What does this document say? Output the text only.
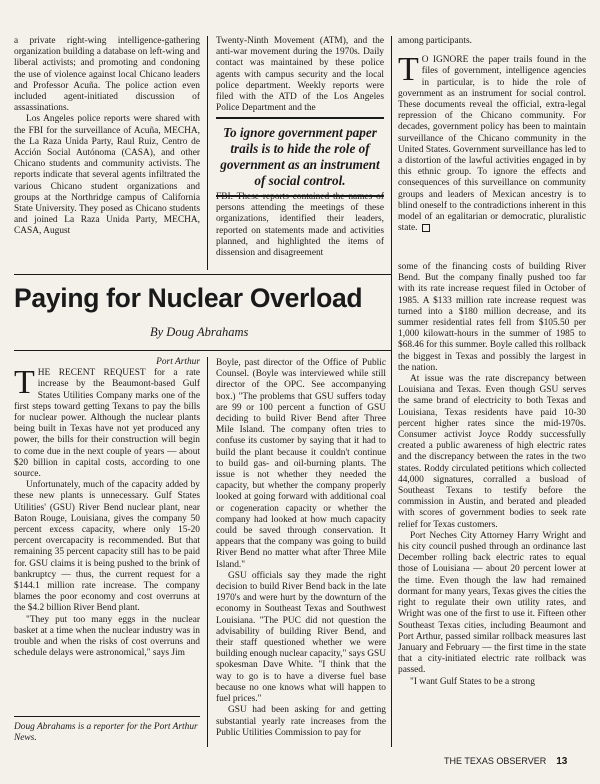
a private right-wing intelligence-gathering organization building a database on left-wing and liberal activists; and promoting and condoning the use of violence against local Chicano leaders and Professor Acuña. The police action even included agent-initiated discussion of assassinations.

Los Angeles police reports were shared with the FBI for the surveillance of Acuña, MECHA, the La Raza Unida Party, Raul Ruiz, Centro de Acción Social Autónoma (CASA), and other Chicano students and community activists. The reports indicate that several agents infiltrated the various Chicano student organizations and groups at the Northridge campus of California State University. They posed as Chicano students and joined La Raza Unida Party, MECHA, CASA, August

Twenty-Ninth Movement (ATM), and the anti-war movement during the 1970s. Daily contact was maintained by these police agents with campus security and the local police department. Weekly reports were filed with the ATD of the Los Angeles Police Department and the

To ignore government paper trails is to hide the role of government as an instrument of social control.

FBI. These reports contained the names of persons attending the meetings of these organizations, identified their leaders, reported on statements made and activities planned, and highlighted the items of dissension and disagreement

among participants.

T O IGNORE the paper trails found in the files of government, intelligence agencies in particular, is to hide the role of government as an instrument for social control. These documents reveal the official, extra-legal repression of the Chicano community. For decades, government policy has been to maintain surveillance of the Chicano community in the United States. Government surveillance has led to a distortion of the lawful activities engaged in by this ethnic group. To ignore the effects and consequences of this surveillance on community groups and leaders of Mexican ancestry is to blind oneself to the contradictions inherent in this model of an egalitarian or democratic, pluralistic state.

Paying for Nuclear Overload
By Doug Abrahams

Port Arthur

THE RECENT REQUEST for a rate increase by the Beaumont-based Gulf States Utilities Company marks one of the first steps toward getting Texans to pay the bills for nuclear power. Although the nuclear plants being built in Texas have not yet produced any power, the bills for their construction will begin to come due in the next couple of years — about $20 billion in capital costs, according to one source.

Unfortunately, much of the capacity added by these new plants is unnecessary. Gulf States Utilities' (GSU) River Bend nuclear plant, near Baton Rouge, Louisiana, gives the company 50 percent excess capacity, where only 15-20 percent overcapacity is recommended. But that remaining 35 percent capacity still has to be paid for. GSU claims it is being pushed to the brink of bankruptcy — thus, the current request for a $144.1 million rate increase. The company blames the poor economy and cost overruns at the $4.2 billion River Bend plant.

"They put too many eggs in the nuclear basket at a time when the nuclear industry was in trouble and when the risks of cost overruns and schedule delays were astronomical," says Jim

Doug Abrahams is a reporter for the Port Arthur News.

Boyle, past director of the Office of Public Counsel. (Boyle was interviewed while still director of the OPC. See accompanying box.) "The problems that GSU suffers today are 99 or 100 percent a function of GSU deciding to build River Bend after Three Mile Island. The company often tries to confuse its customer by saying that it had to build the plant because it couldn't continue to build gas- and oil-burning plants. The issue is not whether they needed the capacity, but whether the company properly looked at going forward with additional coal or cogeneration capacity or whether the company had looked at how much capacity could be saved through conservation. It appears that the company was going to build River Bend no matter what after Three Mile Island."

GSU officials say they made the right decision to build River Bend back in the late 1970's and were hurt by the downturn of the economy in Southeast Texas and Southwest Louisiana. "The PUC did not question the advisability of building River Bend, and their staff questioned whether we were building enough nuclear capacity," says GSU spokesman Dave White. "I think that the way to go is to have a diverse fuel base because no one knows what will happen to fuel prices."

GSU had been asking for and getting substantial yearly rate increases from the Public Utilities Commission to pay for

some of the financing costs of building River Bend. But the company finally pushed too far with its rate increase request filed in October of 1985. A $133 million rate increase request was turned into a $180 million decrease, and its summer residential rates fell from $105.50 per 1,000 kilowatt-hours in the summer of 1985 to $68.46 for this summer. Boyle called this rollback the biggest in Texas and possibly the largest in the nation.

At issue was the rate discrepancy between Louisiana and Texas. Even though GSU serves the same brand of electricity to both Texas and Louisiana, Texas residents have paid 10-30 percent higher rates since the mid-1970s. Consumer activist Joyce Roddy successfully created a public awareness of high electric rates and the discrepancy between the rates in the two states. Roddy circulated petitions which collected 44,000 signatures, corralled a busload of Southeast Texans to testify before the commission in Austin, and berated and pleaded with scores of government bodies to seek rate relief for Texas customers.

Port Neches City Attorney Harry Wright and his city council pushed through an ordinance last December rolling back electric rates to equal those of Louisiana — about 20 percent lower at the time. Even though the law had remained dormant for many years, Texas gives the cities the right to regulate their own utility rates, and Wright was one of the first to use it. Fifteen other Southeast Texas cities, including Beaumont and Port Arthur, passed similar rollback measures last January and February — the first time in the state that a city-initiated electric rate rollback was passed.

"I want Gulf States to be a strong

THE TEXAS OBSERVER 13
